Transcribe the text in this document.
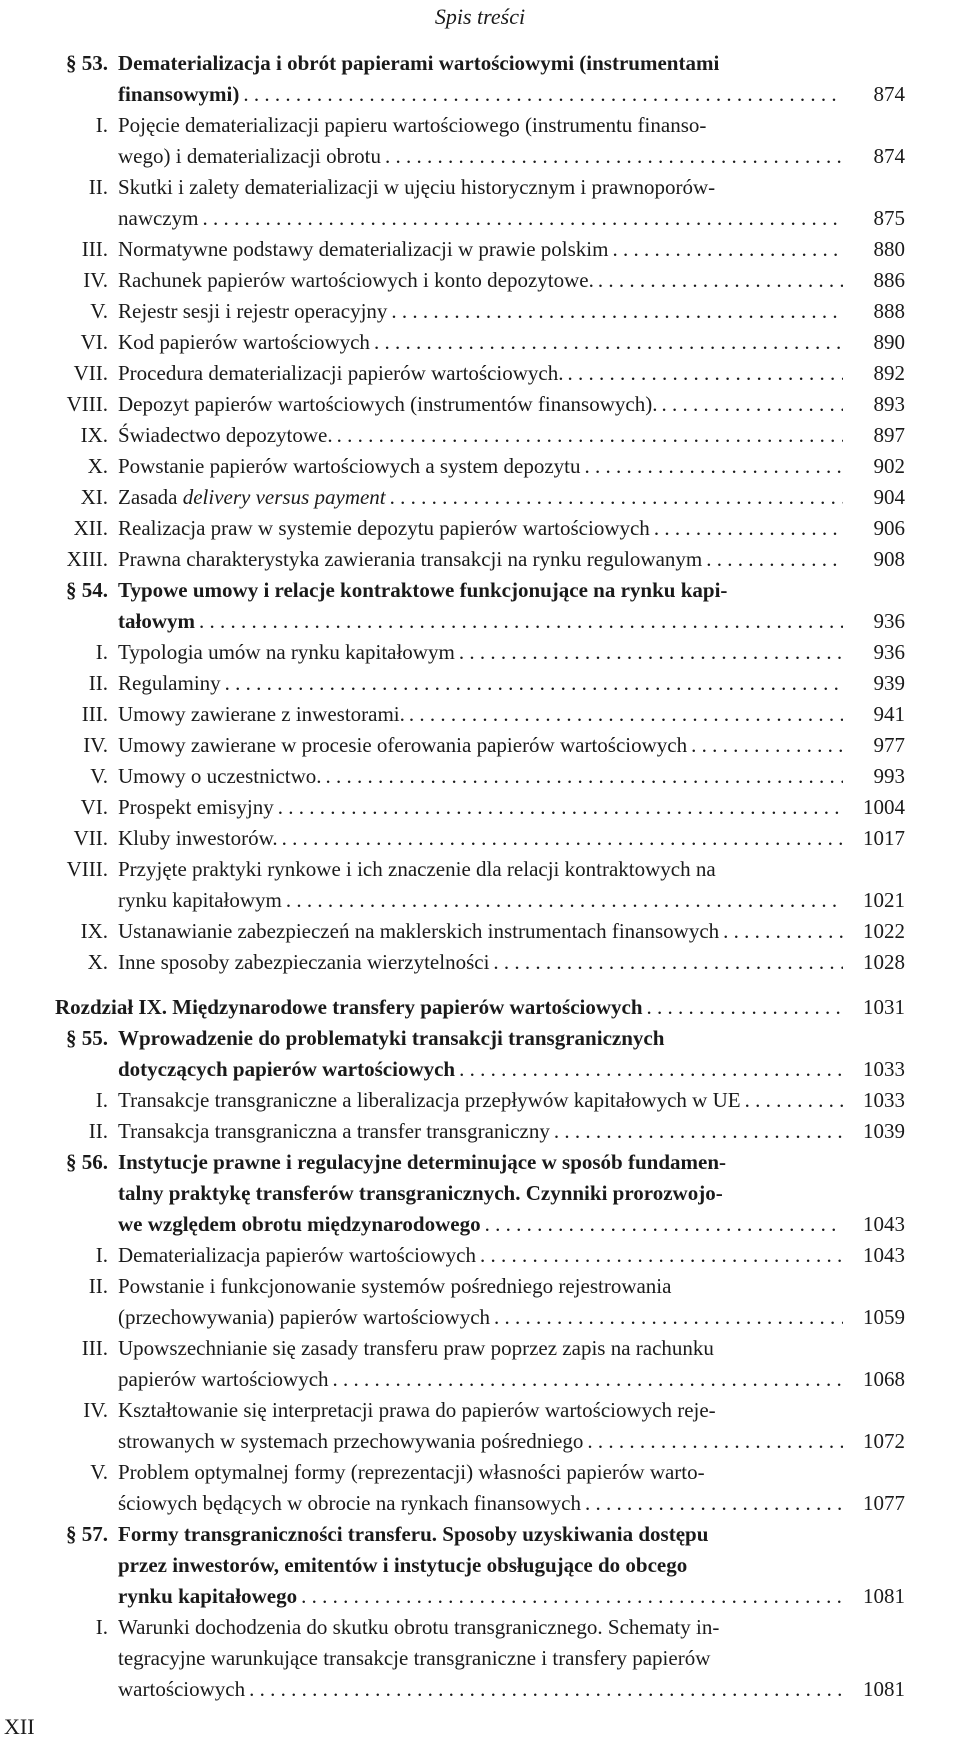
Spis treści
§ 53. Dematerializacja i obrót papierami wartościowymi (instrumentami
finansowymi) . . .	874
I. Pojęcie dematerializacji papieru wartościowego (instrumentu finanso-
wego) i dematerializacji obrotu . . .	874
II. Skutki i zalety dematerializacji w ujęciu historycznym i prawnoporów-
nawczym . . .	875
III. Normatywne podstawy dematerializacji w prawie polskim . . .	880
IV. Rachunek papierów wartościowych i konto depozytowe. . . .	886
V. Rejestr sesji i rejestr operacyjny . . .	888
VI. Kod papierów wartościowych . . .	890
VII. Procedura dematerializacji papierów wartościowych. . . .	892
VIII. Depozyt papierów wartościowych (instrumentów finansowych). . . .	893
IX. Świadectwo depozytowe. . . .	897
X. Powstanie papierów wartościowych a system depozytu . . .	902
XI. Zasada delivery versus payment . . .	904
XII. Realizacja praw w systemie depozytu papierów wartościowych . . .	906
XIII. Prawna charakterystyka zawierania transakcji na rynku regulowanym . . .	908
§ 54. Typowe umowy i relacje kontraktowe funkcjonujące na rynku kapi-
tałowym . . .	936
I. Typologia umów na rynku kapitałowym . . .	936
II. Regulaminy . . .	939
III. Umowy zawierane z inwestorami. . . .	941
IV. Umowy zawierane w procesie oferowania papierów wartościowych . . .	977
V. Umowy o uczestnictwo. . . .	993
VI. Prospekt emisyjny . . .	1004
VII. Kluby inwestorów. . . .	1017
VIII. Przyjęte praktyki rynkowe i ich znaczenie dla relacji kontraktowych na
rynku kapitałowym . . .	1021
IX. Ustanawianie zabezpieczeń na maklerskich instrumentach finansowych . . .	1022
X. Inne sposoby zabezpieczania wierzytelności . . .	1028
Rozdział IX. Międzynarodowe transfery papierów wartościowych . . .	1031
§ 55. Wprowadzenie do problematyki transakcji transgranicznych
dotyczących papierów wartościowych . . .	1033
I. Transakcje transgraniczne a liberalizacja przepływów kapitałowych w UE . . .	1033
II. Transakcja transgraniczna a transfer transgraniczny . . .	1039
§ 56. Instytucje prawne i regulacyjne determinujące w sposób fundamen-
talny praktykę transferów transgranicznych. Czynniki prorozwojo-
we względem obrotu międzynarodowego . . .	1043
I. Dematerializacja papierów wartościowych . . .	1043
II. Powstanie i funkcjonowanie systemów pośredniego rejestrowania
(przechowywania) papierów wartościowych . . .	1059
III. Upowszechnianie się zasady transferu praw poprzez zapis na rachunku
papierów wartościowych . . .	1068
IV. Kształtowanie się interpretacji prawa do papierów wartościowych reje-
strowanych w systemach przechowywania pośredniego . . .	1072
V. Problem optymalnej formy (reprezentacji) własności papierów warto-
ściowych będących w obrocie na rynkach finansowych . . .	1077
§ 57. Formy transgraniczności transferu. Sposoby uzyskiwania dostępu
przez inwestorów, emitentów i instytucje obsługujące do obcego
rynku kapitałowego . . .	1081
I. Warunki dochodzenia do skutku obrotu transgranicznego. Schematy in-
tegracyjne warunkujące transakcje transgraniczne i transfery papierów
wartościowych . . .	1081
XII
